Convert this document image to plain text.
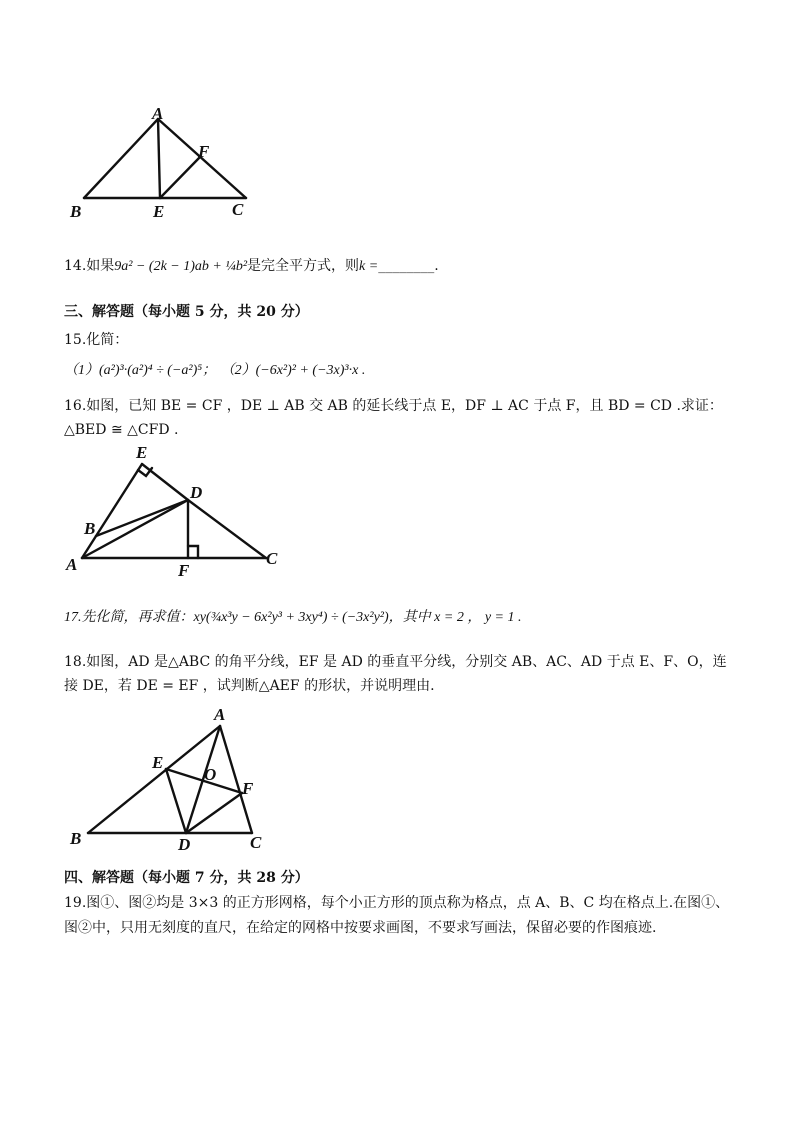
A
B	E	C
F
14.如果9a² − (2k − 1)ab + ¼b²是完全平方式，则k =________.
三、解答题（每小题 5 分，共 20 分）
15.化简：
（1）(a²)³·(a²)⁴ ÷ (−a²)⁵； （2）(−6x²)² + (−3x)³·x .
16.如图，已知 BE = CF ，DE ⊥ AB 交 AB 的延长线于点 E，DF ⊥ AC 于点 F，且 BD = CD .求证：
△BED ≅ △CFD .
E
D
B
A	F
C
17.先化简，再求值：xy(¾x³y − 6x²y³ + 3xy⁴) ÷ (−3x²y²)，其中 x = 2 ， y = 1 .
18.如图，AD 是△ABC 的角平分线，EF 是 AD 的垂直平分线，分别交 AB、AC、AD 于点 E、F、O，连
接 DE，若 DE = EF ，试判断△AEF 的形状，并说明理由.
A
E
O
F
B	D	C
四、解答题（每小题 7 分，共 28 分）
19.图①、图②均是 3×3 的正方形网格，每个小正方形的顶点称为格点，点 A、B、C 均在格点上.在图①、
图②中，只用无刻度的直尺，在给定的网格中按要求画图，不要求写画法，保留必要的作图痕迹.
